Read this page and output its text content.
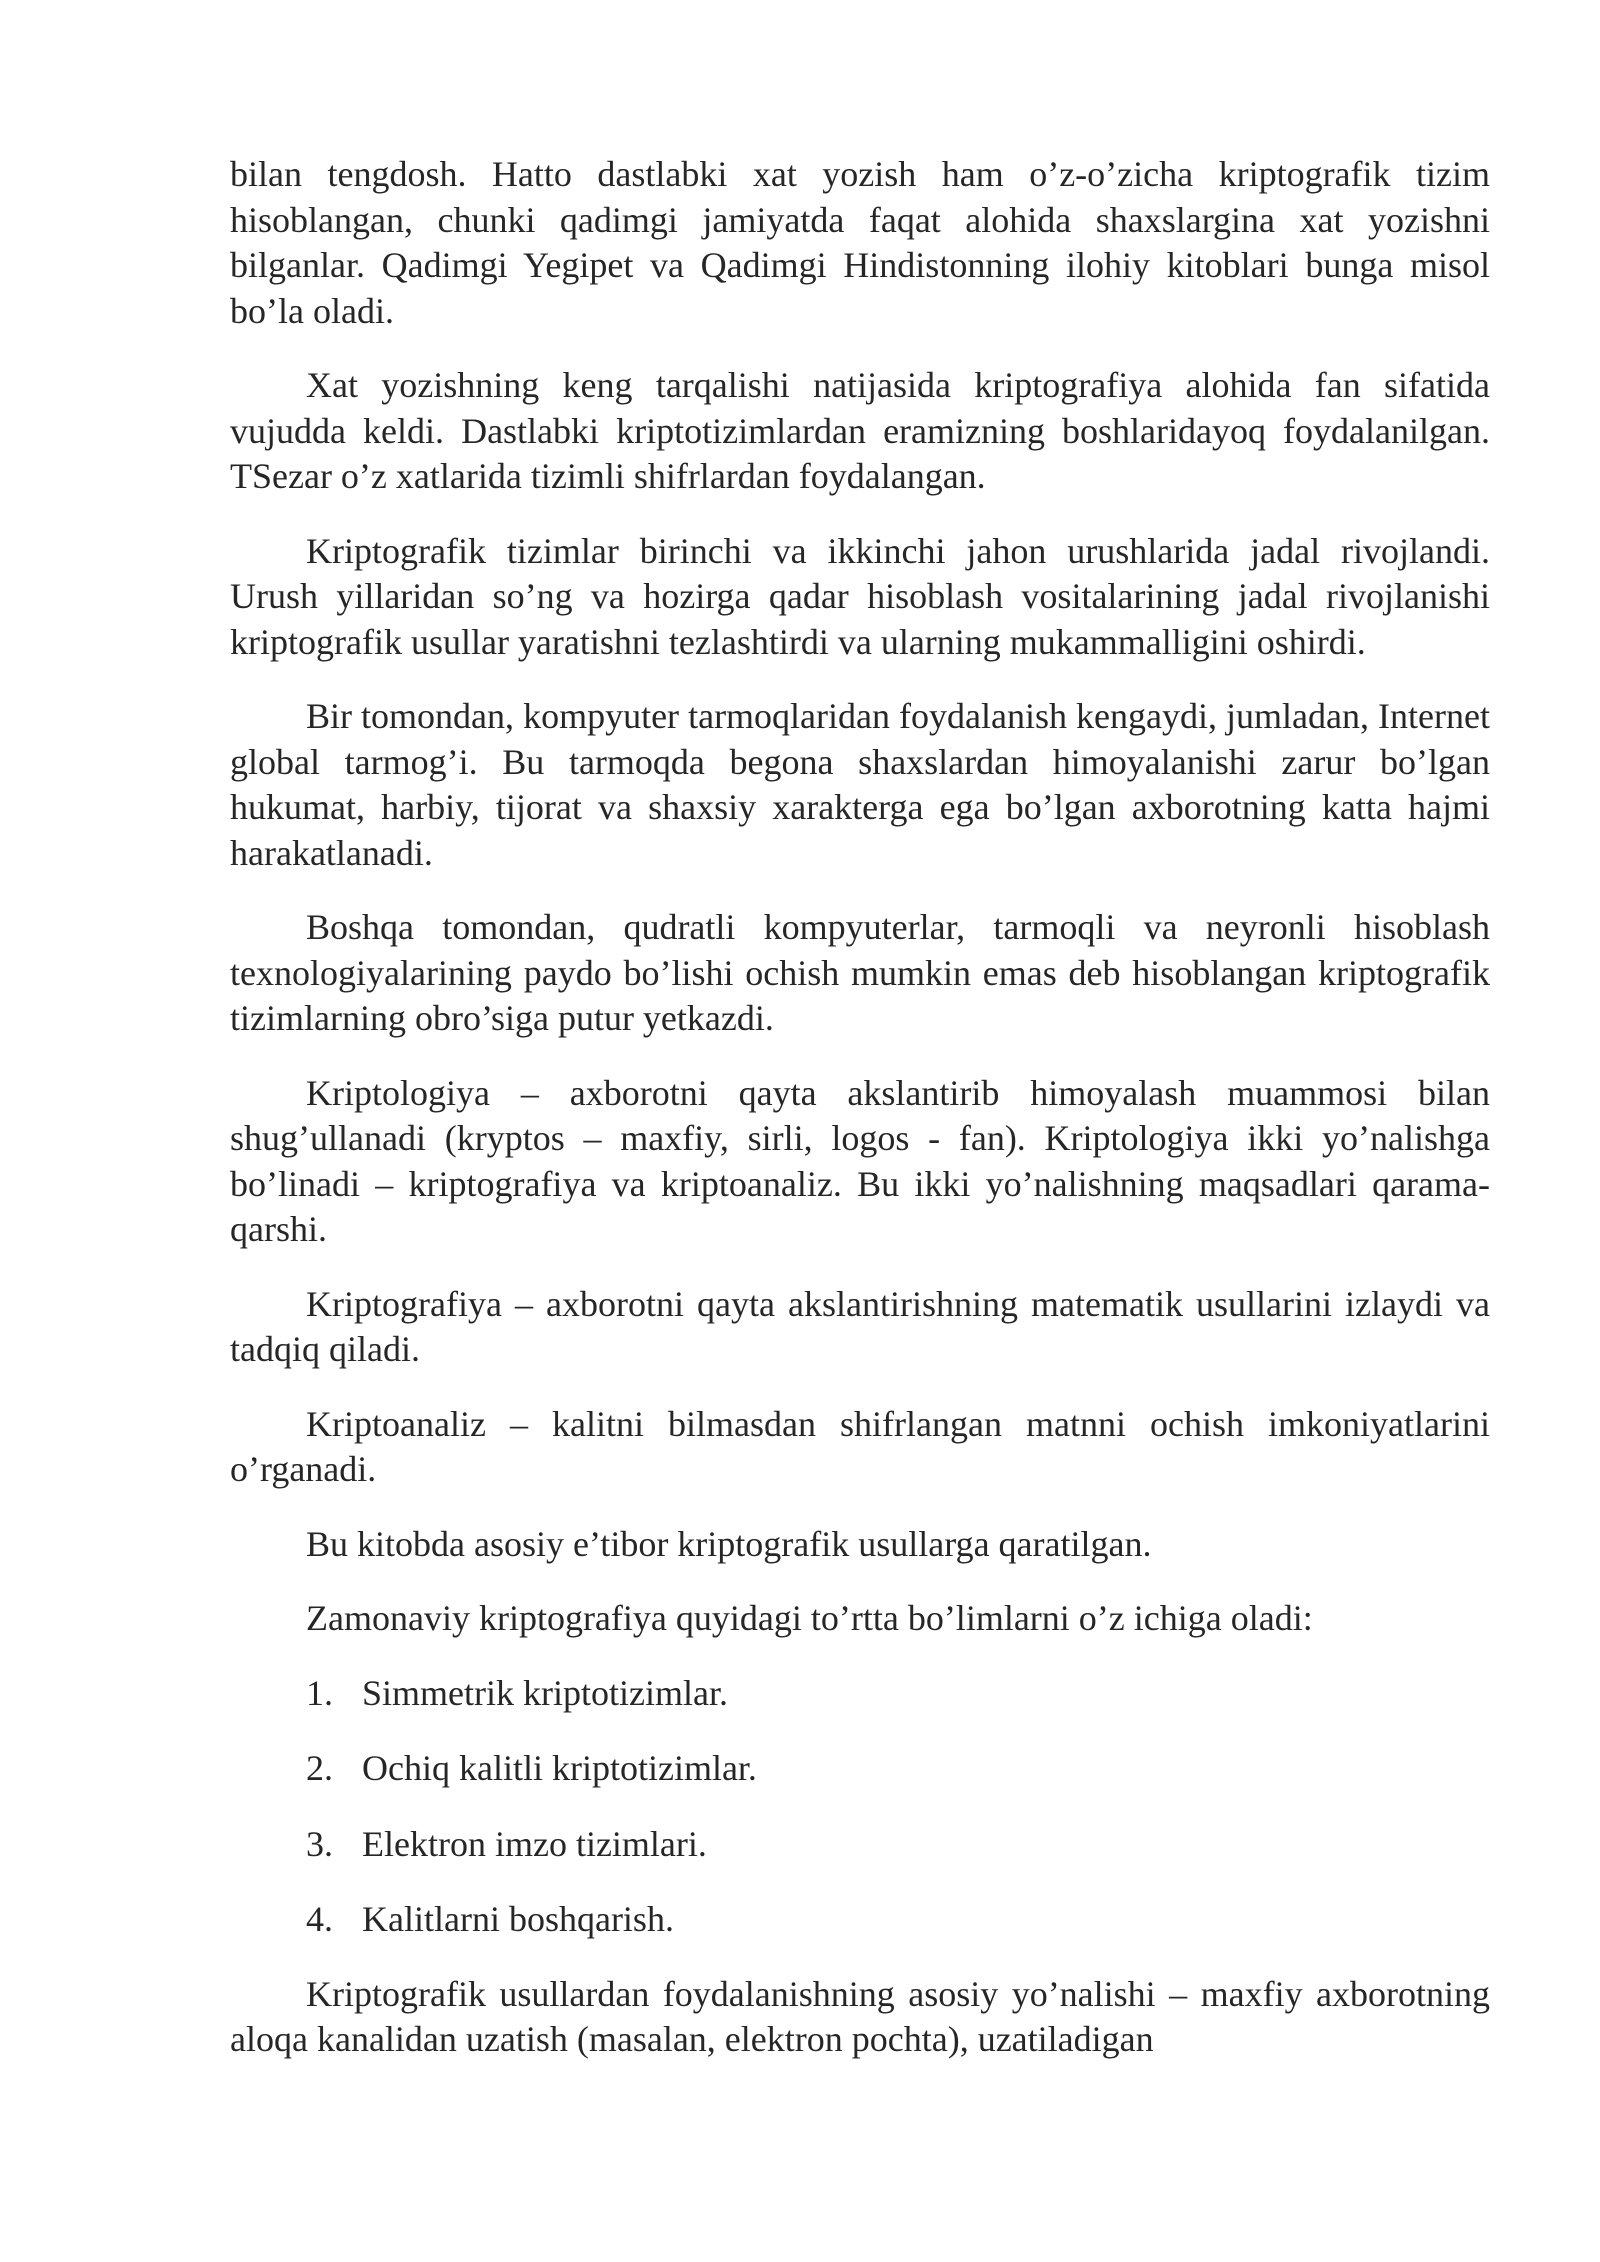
bilan tengdosh. Hatto dastlabki xat yozish ham o’z-o’zicha kriptografik tizim hisoblangan, chunki qadimgi jamiyatda faqat alohida shaxslargina xat yozishni bilganlar. Qadimgi Yegipet va Qadimgi Hindistonning ilohiy kitoblari bunga misol bo’la oladi.

Xat yozishning keng tarqalishi natijasida kriptografiya alohida fan sifatida vujudda keldi. Dastlabki kriptotizimlardan eramizning boshlaridayoq foydalanilgan. TSezar o’z xatlarida tizimli shifrlardan foydalangan.

Kriptografik tizimlar birinchi va ikkinchi jahon urushlarida jadal rivojlandi. Urush yillaridan so’ng va hozirga qadar hisoblash vositalarining jadal rivojlanishi kriptografik usullar yaratishni tezlashtirdi va ularning mukammalligini oshirdi.

Bir tomondan, kompyuter tarmoqlaridan foydalanish kengaydi, jumladan, Internet global tarmog’i. Bu tarmoqda begona shaxslardan himoyalanishi zarur bo’lgan hukumat, harbiy, tijorat va shaxsiy xarakterga ega bo’lgan axborotning katta hajmi harakatlanadi.

Boshqa tomondan, qudratli kompyuterlar, tarmoqli va neyronli hisoblash texnologiyalarining paydo bo’lishi ochish mumkin emas deb hisoblangan kriptografik tizimlarning obro’siga putur yetkazdi.

Kriptologiya – axborotni qayta akslantirib himoyalash muammosi bilan shug’ullanadi (kryptos – maxfiy, sirli, logos - fan). Kriptologiya ikki yo’nalishga bo’linadi – kriptografiya va kriptoanaliz. Bu ikki yo’nalishning maqsadlari qarama-qarshi.

Kriptografiya – axborotni qayta akslantirishning matematik usullarini izlaydi va tadqiq qiladi.

Kriptoanaliz – kalitni bilmasdan shifrlangan matnni ochish imkoniyatlarini o’rganadi.

Bu kitobda asosiy e’tibor kriptografik usullarga qaratilgan.

Zamonaviy kriptografiya quyidagi to’rtta bo’limlarni o’z ichiga oladi:

1. Simmetrik kriptotizimlar.
2. Ochiq kalitli kriptotizimlar.
3. Elektron imzo tizimlari.
4. Kalitlarni boshqarish.

Kriptografik usullardan foydalanishning asosiy yo’nalishi – maxfiy axborotning aloqa kanalidan uzatish (masalan, elektron pochta), uzatiladigan
